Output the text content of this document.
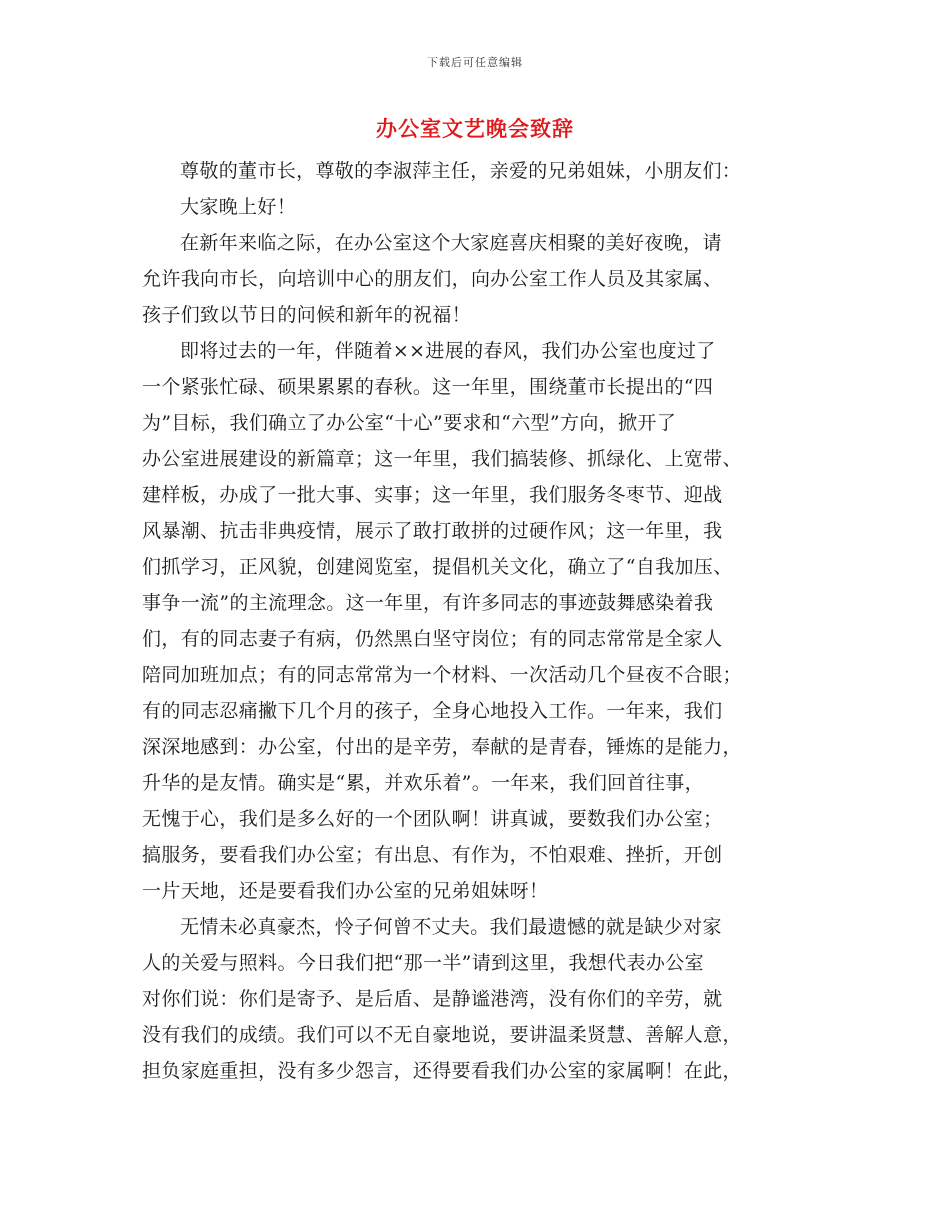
下载后可任意编辑
办公室文艺晚会致辞
尊敬的董市长，尊敬的李淑萍主任，亲爱的兄弟姐妹，小朋友们：
大家晚上好！
在新年来临之际，在办公室这个大家庭喜庆相聚的美好夜晚，请
允许我向市长，向培训中心的朋友们，向办公室工作人员及其家属、
孩子们致以节日的问候和新年的祝福！
即将过去的一年，伴随着××进展的春风，我们办公室也度过了
一个紧张忙碌、硕果累累的春秋。这一年里，围绕董市长提出的“四
为”目标，我们确立了办公室“十心”要求和“六型”方向，掀开了
办公室进展建设的新篇章；这一年里，我们搞装修、抓绿化、上宽带、
建样板，办成了一批大事、实事；这一年里，我们服务冬枣节、迎战
风暴潮、抗击非典疫情，展示了敢打敢拼的过硬作风；这一年里，我
们抓学习，正风貌，创建阅览室，提倡机关文化，确立了“自我加压、
事争一流”的主流理念。这一年里，有许多同志的事迹鼓舞感染着我
们，有的同志妻子有病，仍然黑白坚守岗位；有的同志常常是全家人
陪同加班加点；有的同志常常为一个材料、一次活动几个昼夜不合眼；
有的同志忍痛撇下几个月的孩子，全身心地投入工作。一年来，我们
深深地感到：办公室，付出的是辛劳，奉献的是青春，锤炼的是能力，
升华的是友情。确实是“累，并欢乐着”。一年来，我们回首往事，
无愧于心，我们是多么好的一个团队啊！讲真诚，要数我们办公室；
搞服务，要看我们办公室；有出息、有作为，不怕艰难、挫折，开创
一片天地，还是要看我们办公室的兄弟姐妹呀！
无情未必真豪杰，怜子何曾不丈夫。我们最遗憾的就是缺少对家
人的关爱与照料。今日我们把“那一半”请到这里，我想代表办公室
对你们说：你们是寄予、是后盾、是静谧港湾，没有你们的辛劳，就
没有我们的成绩。我们可以不无自豪地说，要讲温柔贤慧、善解人意，
担负家庭重担，没有多少怨言，还得要看我们办公室的家属啊！在此，
